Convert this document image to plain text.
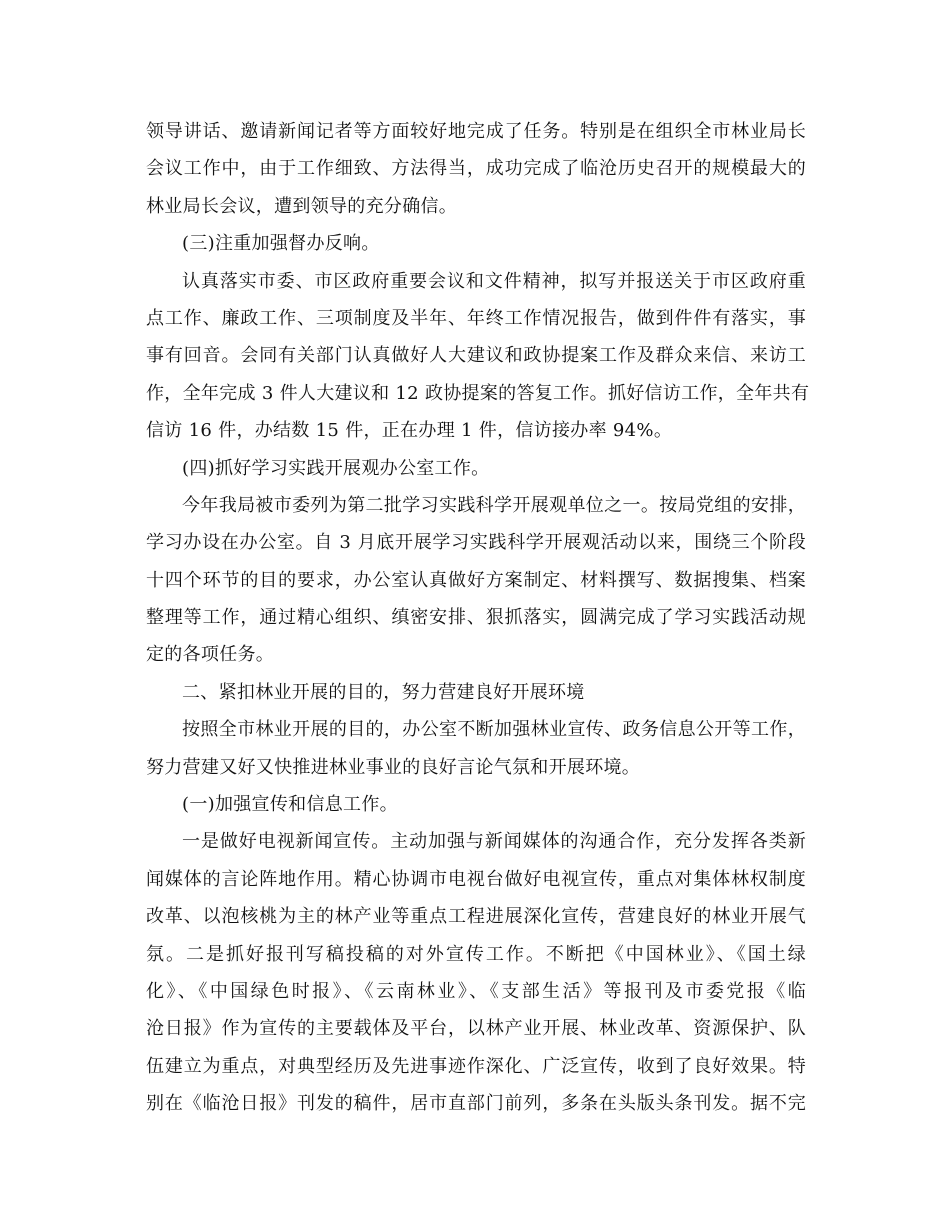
领导讲话、邀请新闻记者等方面较好地完成了任务。特别是在组织全市林业局长
会议工作中，由于工作细致、方法得当，成功完成了临沧历史召开的规模最大的
林业局长会议，遭到领导的充分确信。
(三)注重加强督办反响。
认真落实市委、市区政府重要会议和文件精神，拟写并报送关于市区政府重
点工作、廉政工作、三项制度及半年、年终工作情况报告，做到件件有落实，事
事有回音。会同有关部门认真做好人大建议和政协提案工作及群众来信、来访工
作，全年完成 3 件人大建议和 12 政协提案的答复工作。抓好信访工作，全年共有
信访 16 件，办结数 15 件，正在办理 1 件，信访接办率 94%。
(四)抓好学习实践开展观办公室工作。
今年我局被市委列为第二批学习实践科学开展观单位之一。按局党组的安排，
学习办设在办公室。自 3 月底开展学习实践科学开展观活动以来，围绕三个阶段
十四个环节的目的要求，办公室认真做好方案制定、材料撰写、数据搜集、档案
整理等工作，通过精心组织、缜密安排、狠抓落实，圆满完成了学习实践活动规
定的各项任务。
二、紧扣林业开展的目的，努力营建良好开展环境
按照全市林业开展的目的，办公室不断加强林业宣传、政务信息公开等工作，
努力营建又好又快推进林业事业的良好言论气氛和开展环境。
(一)加强宣传和信息工作。
一是做好电视新闻宣传。主动加强与新闻媒体的沟通合作，充分发挥各类新
闻媒体的言论阵地作用。精心协调市电视台做好电视宣传，重点对集体林权制度
改革、以泡核桃为主的林产业等重点工程进展深化宣传，营建良好的林业开展气
氛。二是抓好报刊写稿投稿的对外宣传工作。不断把《中国林业》、《国土绿
化》、《中国绿色时报》、《云南林业》、《支部生活》等报刊及市委党报《临
沧日报》作为宣传的主要载体及平台，以林产业开展、林业改革、资源保护、队
伍建立为重点，对典型经历及先进事迹作深化、广泛宣传，收到了良好效果。特
别在《临沧日报》刊发的稿件，居市直部门前列，多条在头版头条刊发。据不完
